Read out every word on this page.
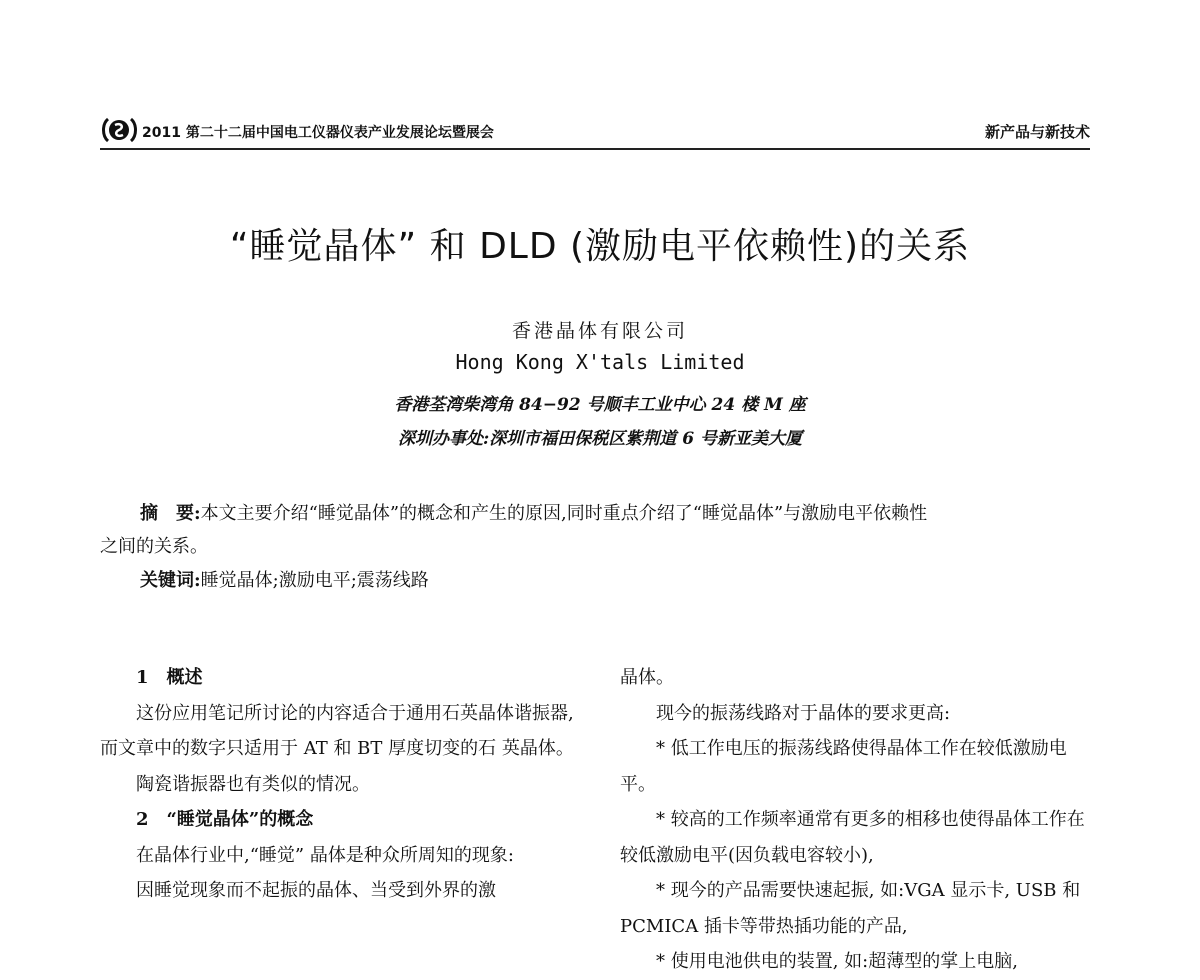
2011 第二十二届中国电工仪器仪表产业发展论坛暨展会	新产品与新技术
“睡觉晶体” 和 DLD (激励电平依赖性)的关系
香港晶体有限公司
Hong Kong X'tals Limited
香港荃湾柴湾角 84−92 号顺丰工业中心 24 楼 M 座
深圳办事处:深圳市福田保税区紫荆道 6 号新亚美大厦
摘　要:本文主要介绍“睡觉晶体”的概念和产生的原因,同时重点介绍了“睡觉晶体”与激励电平依赖性
之间的关系。
关键词:睡觉晶体;激励电平;震荡线路

1　概述

这份应用笔记所讨论的内容适合于通用石英晶体谐振器,而文章中的数字只适用于 AT 和 BT 厚度切变的石 英晶体。

陶瓷谐振器也有类似的情况。

2　“睡觉晶体”的概念

在晶体行业中,“睡觉” 晶体是种众所周知的现象:

因睡觉现象而不起振的晶体、当受到外界的激

晶体。

现今的振荡线路对于晶体的要求更高:

* 低工作电压的振荡线路使得晶体工作在较低激励电平。

* 较高的工作频率通常有更多的相移也使得晶体工作在较低激励电平(因负载电容较小),

* 现今的产品需要快速起振, 如:VGA 显示卡, USB 和 PCMICA 插卡等带热插功能的产品,

* 使用电池供电的装置, 如:超薄型的掌上电脑,
